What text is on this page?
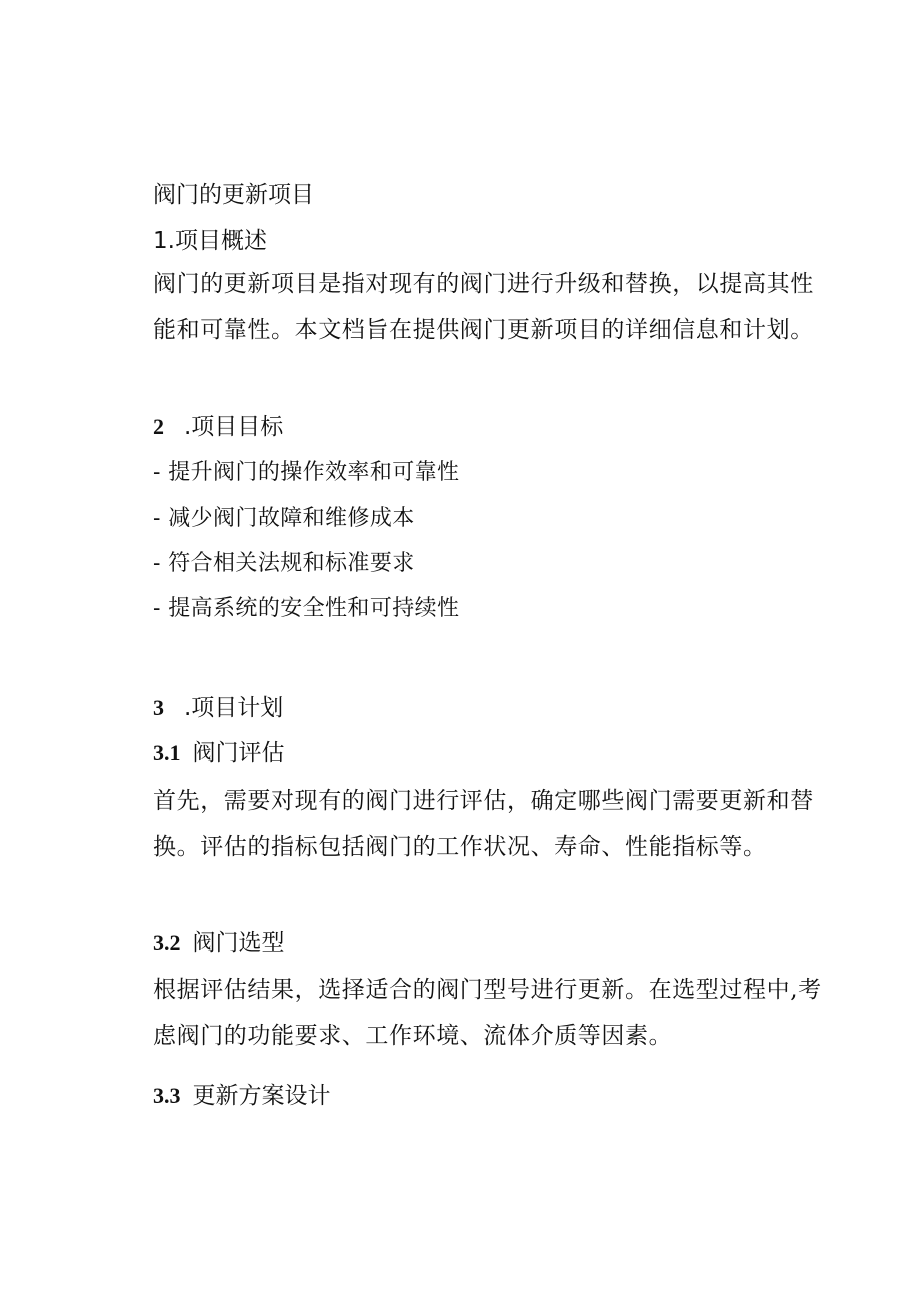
阀门的更新项目
1.项目概述
阀门的更新项目是指对现有的阀门进行升级和替换，以提高其性
能和可靠性。本文档旨在提供阀门更新项目的详细信息和计划。
2 .项目目标
- 提升阀门的操作效率和可靠性
- 减少阀门故障和维修成本
- 符合相关法规和标准要求
- 提高系统的安全性和可持续性
3 .项目计划
3.1 阀门评估
首先，需要对现有的阀门进行评估，确定哪些阀门需要更新和替
换。评估的指标包括阀门的工作状况、寿命、性能指标等。
3.2 阀门选型
根据评估结果，选择适合的阀门型号进行更新。在选型过程中,考
虑阀门的功能要求、工作环境、流体介质等因素。
3.3 更新方案设计
